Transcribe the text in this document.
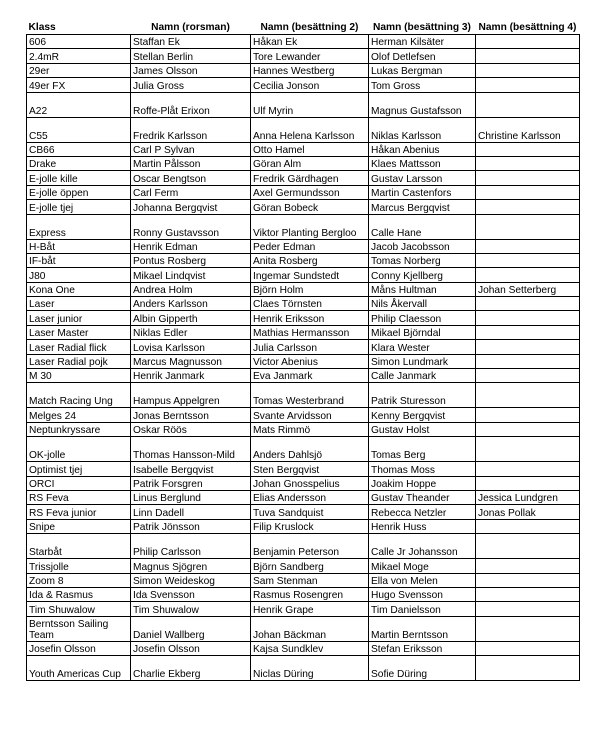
Klass	Namn (rorsman)	Namn (besättning 2)	Namn (besättning 3)	Namn (besättning 4)
606	Staffan Ek	Håkan Ek	Herman Kilsäter	
2.4mR	Stellan Berlin	Tore Lewander	Olof Detlefsen	
29er	James Olsson	Hannes Westberg	Lukas Bergman	
49er FX	Julia Gross	Cecilia Jonson	Tom Gross	
A22	Roffe-Plåt Erixon	Ulf Myrin	Magnus Gustafsson	
C55	Fredrik Karlsson	Anna Helena Karlsson	Niklas Karlsson	Christine Karlsson
CB66	Carl P Sylvan	Otto Hamel	Håkan Abenius	
Drake	Martin Pålsson	Göran Alm	Klaes Mattsson	
E-jolle kille	Oscar Bengtson	Fredrik Gärdhagen	Gustav Larsson	
E-jolle öppen	Carl Ferm	Axel Germundsson	Martin Castenfors	
E-jolle tjej	Johanna Bergqvist	Göran Bobeck	Marcus Bergqvist	
Express	Ronny Gustavsson	Viktor Planting Bergloo	Calle Hane	
H-Båt	Henrik Edman	Peder Edman	Jacob Jacobsson	
IF-båt	Pontus Rosberg	Anita Rosberg	Tomas Norberg	
J80	Mikael Lindqvist	Ingemar Sundstedt	Conny Kjellberg	
Kona One	Andrea Holm	Björn Holm	Måns Hultman	Johan Setterberg
Laser	Anders Karlsson	Claes Törnsten	Nils Åkervall	
Laser junior	Albin Gipperth	Henrik Eriksson	Philip Claesson	
Laser Master	Niklas Edler	Mathias Hermansson	Mikael Björndal	
Laser Radial flick	Lovisa Karlsson	Julia Carlsson	Klara Wester	
Laser Radial pojk	Marcus Magnusson	Victor Abenius	Simon Lundmark	
M 30	Henrik Janmark	Eva Janmark	Calle Janmark	
Match Racing Ung	Hampus Appelgren	Tomas Westerbrand	Patrik Sturesson	
Melges 24	Jonas Berntsson	Svante Arvidsson	Kenny Bergqvist	
Neptunkryssare	Oskar Röös	Mats Rimmö	Gustav Holst	
OK-jolle	Thomas Hansson-Mild	Anders Dahlsjö	Tomas Berg	
Optimist tjej	Isabelle Bergqvist	Sten Bergqvist	Thomas Moss	
ORCI	Patrik Forsgren	Johan Gnosspelius	Joakim Hoppe	
RS Feva	Linus Berglund	Elias Andersson	Gustav Theander	Jessica Lundgren
RS Feva junior	Linn Dadell	Tuva Sandquist	Rebecca Netzler	Jonas Pollak
Snipe	Patrik Jönsson	Filip Kruslock	Henrik Huss	
Starbåt	Philip Carlsson	Benjamin Peterson	Calle Jr Johansson	
Trissjolle	Magnus Sjögren	Björn Sandberg	Mikael Moge	
Zoom 8	Simon Weideskog	Sam Stenman	Ella von Melen	
Ida & Rasmus	Ida Svensson	Rasmus Rosengren	Hugo Svensson	
Tim Shuwalow	Tim Shuwalow	Henrik Grape	Tim Danielsson	
Berntsson Sailing Team	Daniel Wallberg	Johan Bäckman	Martin Berntsson	
Josefin Olsson	Josefin Olsson	Kajsa Sundklev	Stefan Eriksson	
Youth Americas Cup	Charlie Ekberg	Niclas Düring	Sofie Düring	
